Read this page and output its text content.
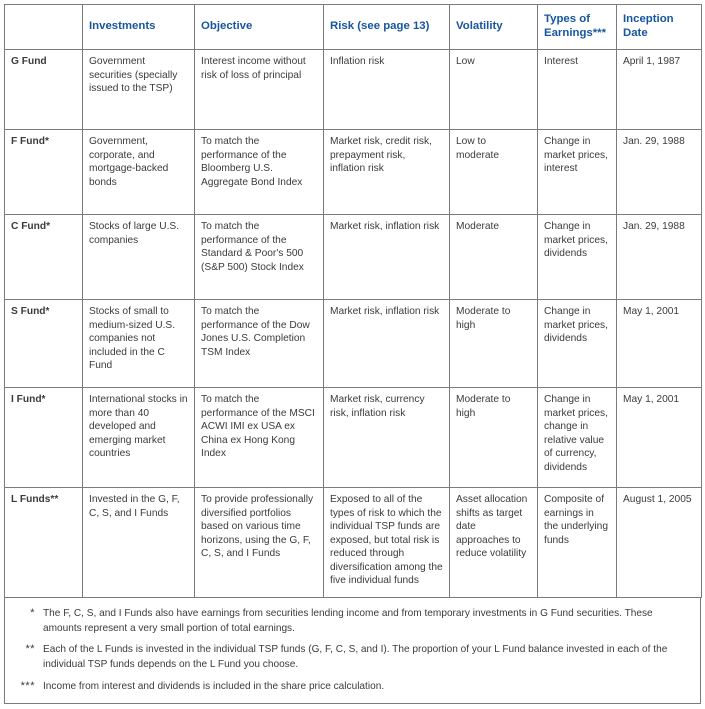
	Investments	Objective	Risk (see page 13)	Volatility	Types of Earnings***	Inception Date
G Fund	Government securities (specially issued to the TSP)	Interest income without risk of loss of principal	Inflation risk	Low	Interest	April 1, 1987
F Fund*	Government, corporate, and mortgage-backed bonds	To match the performance of the Bloomberg U.S. Aggregate Bond Index	Market risk, credit risk, prepayment risk, inflation risk	Low to moderate	Change in market prices, interest	Jan. 29, 1988
C Fund*	Stocks of large U.S. companies	To match the performance of the Standard & Poor's 500 (S&P 500) Stock Index	Market risk, inflation risk	Moderate	Change in market prices, dividends	Jan. 29, 1988
S Fund*	Stocks of small to medium-sized U.S. companies not included in the C Fund	To match the performance of the Dow Jones U.S. Completion TSM Index	Market risk, inflation risk	Moderate to high	Change in market prices, dividends	May 1, 2001
I Fund*	International stocks in more than 40 developed and emerging market countries	To match the performance of the MSCI ACWI IMI ex USA ex China ex Hong Kong Index	Market risk, currency risk, inflation risk	Moderate to high	Change in market prices, change in relative value of currency, dividends	May 1, 2001
L Funds**	Invested in the G, F, C, S, and I Funds	To provide professionally diversified portfolios based on various time horizons, using the G, F, C, S, and I Funds	Exposed to all of the types of risk to which the individual TSP funds are exposed, but total risk is reduced through diversification among the five individual funds	Asset allocation shifts as target date approaches to reduce volatility	Composite of earnings in the underlying funds	August 1, 2005
* The F, C, S, and I Funds also have earnings from securities lending income and from temporary investments in G Fund securities. These amounts represent a very small portion of total earnings.
** Each of the L Funds is invested in the individual TSP funds (G, F, C, S, and I). The proportion of your L Fund balance invested in each of the individual TSP funds depends on the L Fund you choose.
*** Income from interest and dividends is included in the share price calculation.
